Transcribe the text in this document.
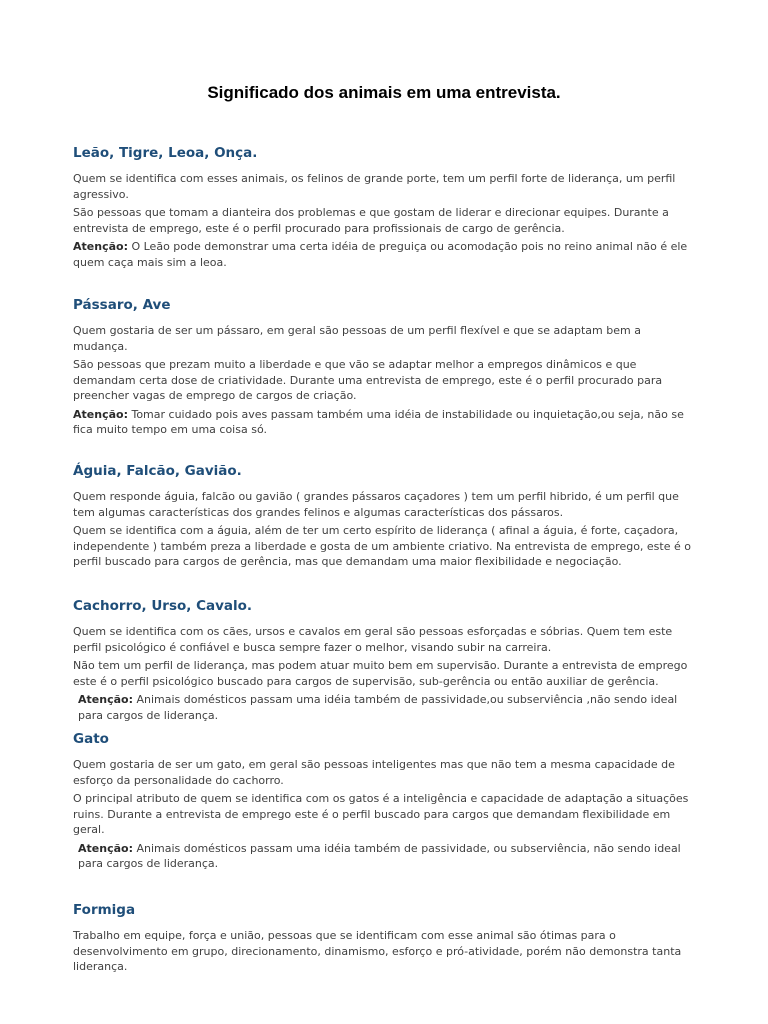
Significado dos animais em uma entrevista.
Leão, Tigre, Leoa, Onça.

Quem se identifica com esses animais, os felinos de grande porte, tem um perfil forte de liderança, um perfil agressivo.

São pessoas que tomam a dianteira dos problemas e que gostam de liderar e direcionar equipes. Durante a entrevista de emprego, este é o perfil procurado para profissionais de cargo de gerência.

Atenção: O Leão pode demonstrar uma certa idéia de preguiça ou acomodação pois no reino animal não é ele quem caça mais sim a leoa.

Pássaro, Ave

Quem gostaria de ser um pássaro, em geral são pessoas de um perfil flexível e que se adaptam bem a mudança.

São pessoas que prezam muito a liberdade e que vão se adaptar melhor a empregos dinâmicos e que demandam certa dose de criatividade. Durante uma entrevista de emprego, este é o perfil procurado para preencher vagas de emprego de cargos de criação.

Atenção: Tomar cuidado pois aves passam também uma idéia de instabilidade ou inquietação,ou seja, não se fica muito tempo em uma coisa só.

Águia, Falcão, Gavião.

Quem responde águia, falcão ou gavião ( grandes pássaros caçadores ) tem um perfil hibrido, é um perfil que tem algumas características dos grandes felinos e algumas características dos pássaros.

Quem se identifica com a águia, além de ter um certo espírito de liderança ( afinal a águia, é forte, caçadora, independente ) também preza a liberdade e gosta de um ambiente criativo. Na entrevista de emprego, este é o perfil buscado para cargos de gerência, mas que demandam uma maior flexibilidade e negociação.

Cachorro, Urso, Cavalo.

Quem se identifica com os cães, ursos e cavalos em geral são pessoas esforçadas e sóbrias. Quem tem este perfil psicológico é confiável e busca sempre fazer o melhor, visando subir na carreira.

Não tem um perfil de liderança, mas podem atuar muito bem em supervisão. Durante a entrevista de emprego este é o perfil psicológico buscado para cargos de supervisão, sub-gerência ou então auxiliar de gerência.

Atenção: Animais domésticos passam uma idéia também de passividade,ou subserviência ,não sendo ideal para cargos de liderança.

Gato

Quem gostaria de ser um gato, em geral são pessoas inteligentes mas que não tem a mesma capacidade de esforço da personalidade do cachorro.

O principal atributo de quem se identifica com os gatos é a inteligência e capacidade de adaptação a situações ruins. Durante a entrevista de emprego este é o perfil buscado para cargos que demandam flexibilidade em geral.

Atenção: Animais domésticos passam uma idéia também de passividade, ou subserviência, não sendo ideal para cargos de liderança.

Formiga

Trabalho em equipe, força e união, pessoas que se identificam com esse animal são ótimas para o desenvolvimento em grupo, direcionamento, dinamismo, esforço e pró-atividade, porém não demonstra tanta liderança.
